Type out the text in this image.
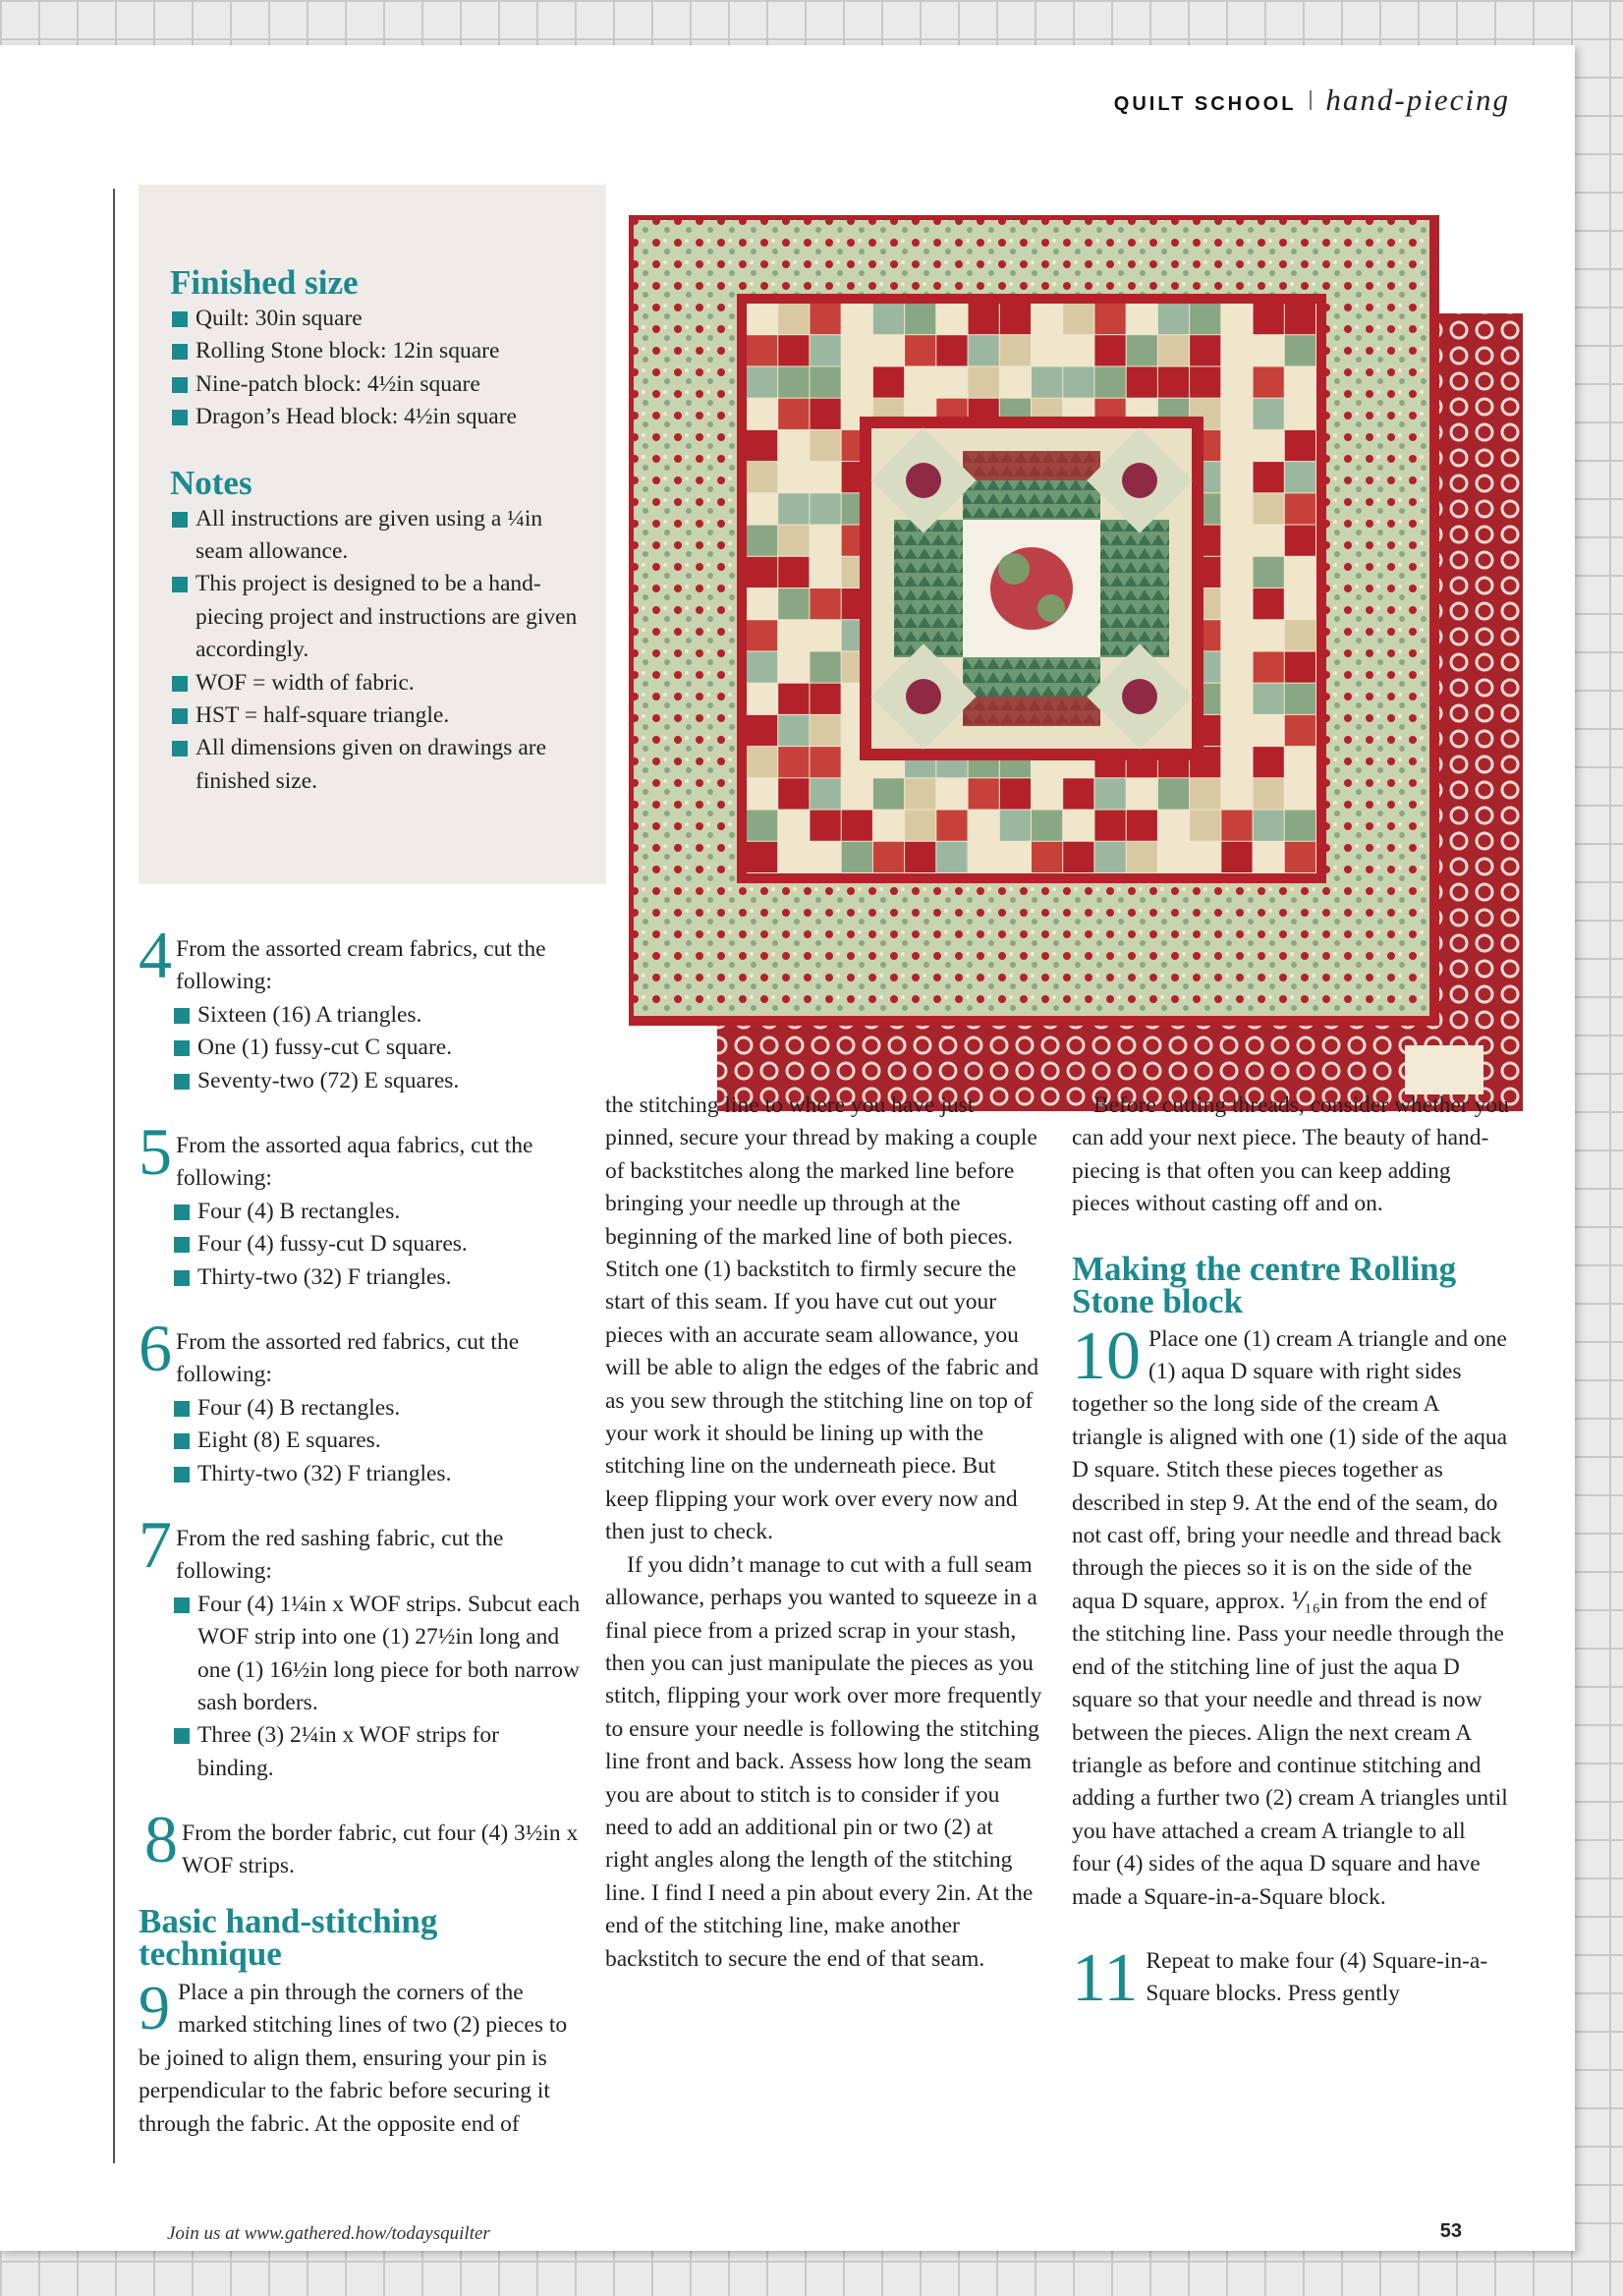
QUILT SCHOOL hand-piecing
Finished size
Quilt: 30in square
Rolling Stone block: 12in square
Nine-patch block: 4½in square
Dragon’s Head block: 4½in square
Notes
All instructions are given using a ¼in seam allowance.
This project is designed to be a hand-piecing project and instructions are given accordingly.
WOF = width of fabric.
HST = half-square triangle.
All dimensions given on drawings are finished size.
4 From the assorted cream fabrics, cut the following:
Sixteen (16) A triangles.
One (1) fussy-cut C square.
Seventy-two (72) E squares.
5 From the assorted aqua fabrics, cut the following:
Four (4) B rectangles.
Four (4) fussy-cut D squares.
Thirty-two (32) F triangles.
6 From the assorted red fabrics, cut the following:
Four (4) B rectangles.
Eight (8) E squares.
Thirty-two (32) F triangles.
7 From the red sashing fabric, cut the following:
Four (4) 1¼in x WOF strips. Subcut each WOF strip into one (1) 27½in long and one (1) 16½in long piece for both narrow sash borders.
Three (3) 2¼in x WOF strips for binding.
8 From the border fabric, cut four (4) 3½in x WOF strips.
Basic hand-stitching technique
9 Place a pin through the corners of the marked stitching lines of two (2) pieces to be joined to align them, ensuring your pin is perpendicular to the fabric before securing it through the fabric. At the opposite end of

the stitching line to where you have just pinned, secure your thread by making a couple of backstitches along the marked line before bringing your needle up through at the beginning of the marked line of both pieces. Stitch one (1) backstitch to firmly secure the start of this seam. If you have cut out your pieces with an accurate seam allowance, you will be able to align the edges of the fabric and as you sew through the stitching line on top of your work it should be lining up with the stitching line on the underneath piece. But keep flipping your work over every now and then just to check.

If you didn’t manage to cut with a full seam allowance, perhaps you wanted to squeeze in a final piece from a prized scrap in your stash, then you can just manipulate the pieces as you stitch, flipping your work over more frequently to ensure your needle is following the stitching line front and back. Assess how long the seam you are about to stitch is to consider if you need to add an additional pin or two (2) at right angles along the length of the stitching line. I find I need a pin about every 2in. At the end of the stitching line, make another backstitch to secure the end of that seam.

Before cutting threads, consider whether you can add your next piece. The beauty of hand-piecing is that often you can keep adding pieces without casting off and on.

Making the centre Rolling Stone block
10 Place one (1) cream A triangle and one (1) aqua D square with right sides together so the long side of the cream A triangle is aligned with one (1) side of the aqua D square. Stitch these pieces together as described in step 9. At the end of the seam, do not cast off, bring your needle and thread back through the pieces so it is on the side of the aqua D square, approx. ⅟₁₆in from the end of the stitching line. Pass your needle through the end of the stitching line of just the aqua D square so that your needle and thread is now between the pieces. Align the next cream A triangle as before and continue stitching and adding a further two (2) cream A triangles until you have attached a cream A triangle to all four (4) sides of the aqua D square and have made a Square-in-a-Square block.
11 Repeat to make four (4) Square-in-a-Square blocks. Press gently
Join us at www.gathered.how/todaysquilter	53
